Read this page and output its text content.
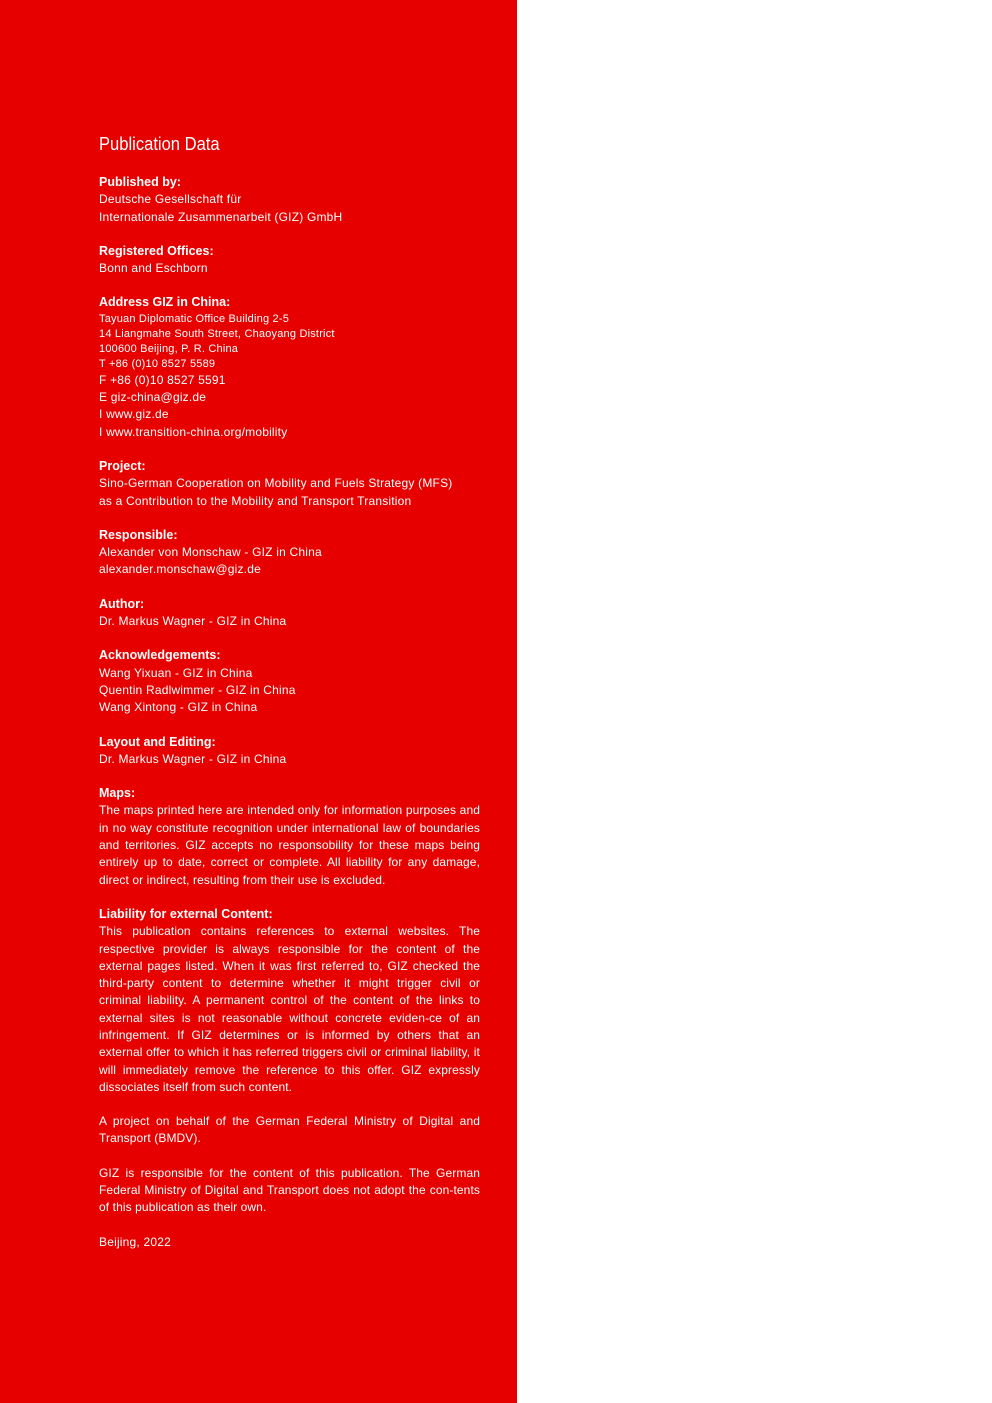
Publication Data

Published by:

Deutsche Gesellschaft für

Internationale Zusammenarbeit (GIZ) GmbH

Registered Offices:

Bonn and Eschborn

Address GIZ in China:

Tayuan Diplomatic Office Building 2-5

14 Liangmahe South Street, Chaoyang District

100600 Beijing, P. R. China

T +86 (0)10 8527 5589

F +86 (0)10 8527 5591

E giz-china@giz.de

I www.giz.de

I www.transition-china.org/mobility

Project:

Sino-German Cooperation on Mobility and Fuels Strategy (MFS)

as a Contribution to the Mobility and Transport Transition

Responsible:

Alexander von Monschaw - GIZ in China

alexander.monschaw@giz.de

Author:

Dr. Markus Wagner - GIZ in China

Acknowledgements:

Wang Yixuan - GIZ in China

Quentin Radlwimmer - GIZ in China

Wang Xintong - GIZ in China

Layout and Editing:

Dr. Markus Wagner - GIZ in China

Maps:

The maps printed here are intended only for information purposes and in no way constitute recognition under international law of boundaries and territories. GIZ accepts no responsobility for these maps being entirely up to date, correct or complete. All liability for any damage, direct or indirect, resulting from their use is excluded.

Liability for external Content:

This publication contains references to external websites. The respective provider is always responsible for the content of the external pages listed. When it was first referred to, GIZ checked the third-party content to determine whether it might trigger civil or criminal liability. A permanent control of the content of the links to external sites is not reasonable without concrete eviden-ce of an infringement. If GIZ determines or is informed by others that an external offer to which it has referred triggers civil or criminal liability, it will immediately remove the reference to this offer. GIZ expressly dissociates itself from such content.

A project on behalf of the German Federal Ministry of Digital and Transport (BMDV).

GIZ is responsible for the content of this publication. The German Federal Ministry of Digital and Transport does not adopt the con-tents of this publication as their own.

Beijing, 2022
